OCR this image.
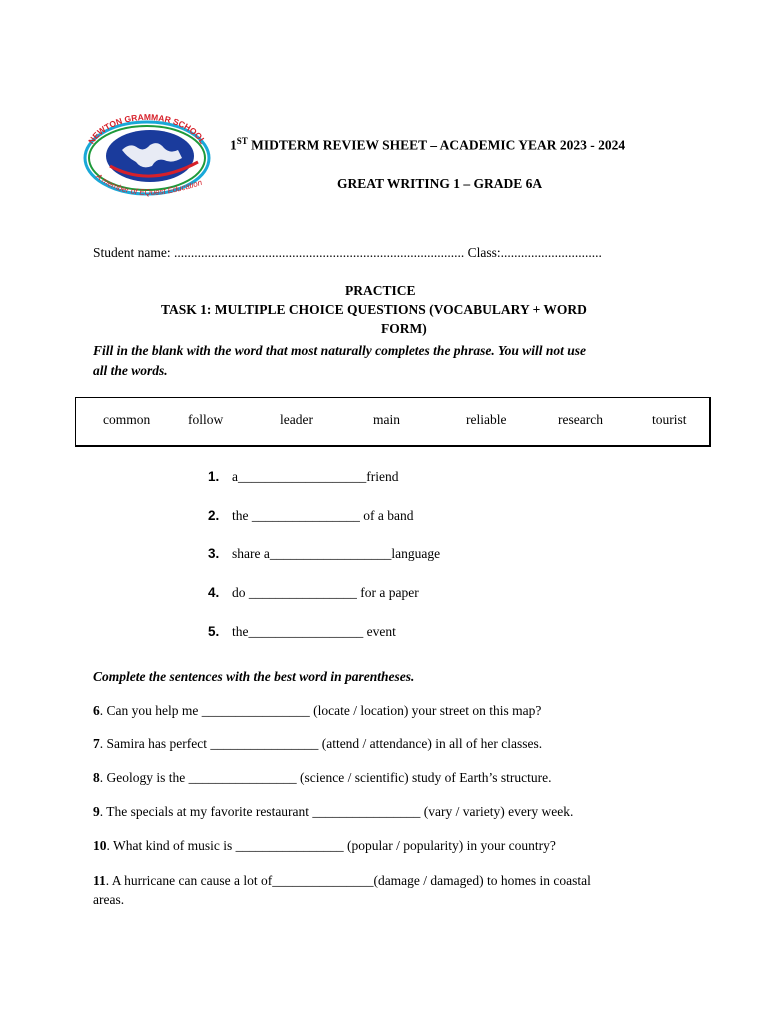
NEWTON GRAMMAR SCHOOL
A member of EQuest Education
1ST MIDTERM REVIEW SHEET – ACADEMIC YEAR 2023 - 2024
GREAT WRITING 1 – GRADE 6A
Student name: ...................................................................................... Class:..............................
PRACTICE
TASK 1: MULTIPLE CHOICE QUESTIONS (VOCABULARY + WORD
FORM)
Fill in the blank with the word that most naturally completes the phrase. You will not use
all the words.
common	follow	leader	main	reliable	research	tourist
1. a___________________friend
2. the ________________ of a band
3. share a__________________language
4. do ________________ for a paper
5. the_________________ event
Complete the sentences with the best word in parentheses.
6. Can you help me ________________ (locate / location) your street on this map?
7. Samira has perfect ________________ (attend / attendance) in all of her classes.
8. Geology is the ________________ (science / scientific) study of Earth’s structure.
9. The specials at my favorite restaurant ________________ (vary / variety) every week.
10. What kind of music is ________________ (popular / popularity) in your country?
11. A hurricane can cause a lot of_______________(damage / damaged) to homes in coastal
areas.
